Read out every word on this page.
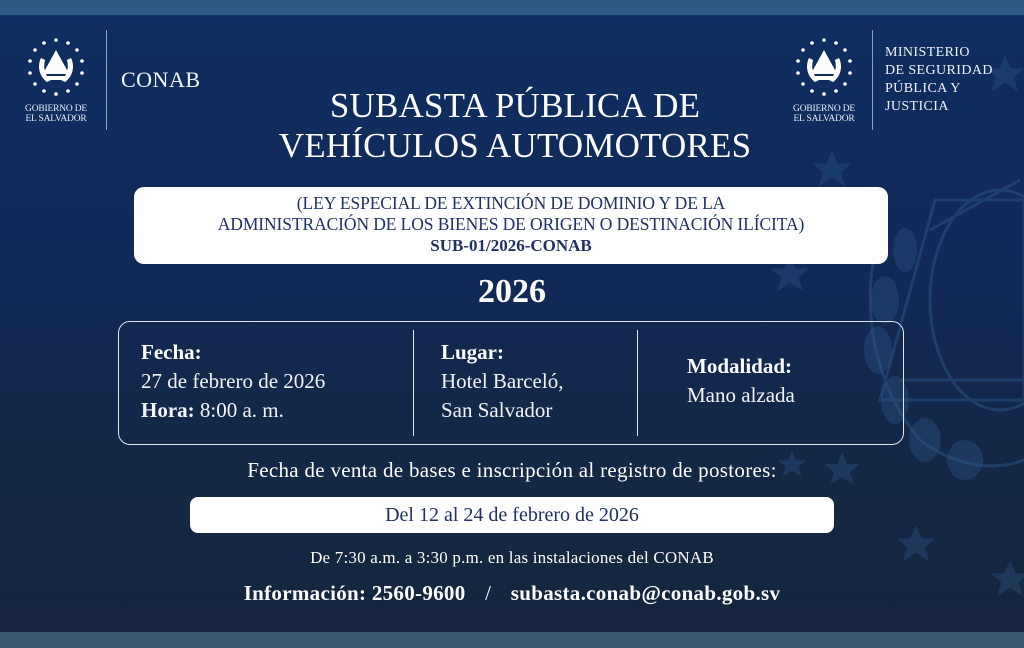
GOBIERNO DE
EL SALVADOR
CONAB
GOBIERNO DE
EL SALVADOR
MINISTERIO
DE SEGURIDAD
PÚBLICA Y
JUSTICIA
SUBASTA PÚBLICA DE
VEHÍCULOS AUTOMOTORES
(LEY ESPECIAL DE EXTINCIÓN DE DOMINIO Y DE LA
ADMINISTRACIÓN DE LOS BIENES DE ORIGEN O DESTINACIÓN ILÍCITA)
SUB-01/2026-CONAB
2026
Fecha:
27 de febrero de 2026
Hora: 8:00 a. m.
Lugar:
Hotel Barceló,
San Salvador
Modalidad:
Mano alzada
Fecha de venta de bases e inscripción al registro de postores:
Del 12 al 24 de febrero de 2026
De 7:30 a.m. a 3:30 p.m. en las instalaciones del CONAB
Información: 2560-9600 / subasta.conab@conab.gob.sv
